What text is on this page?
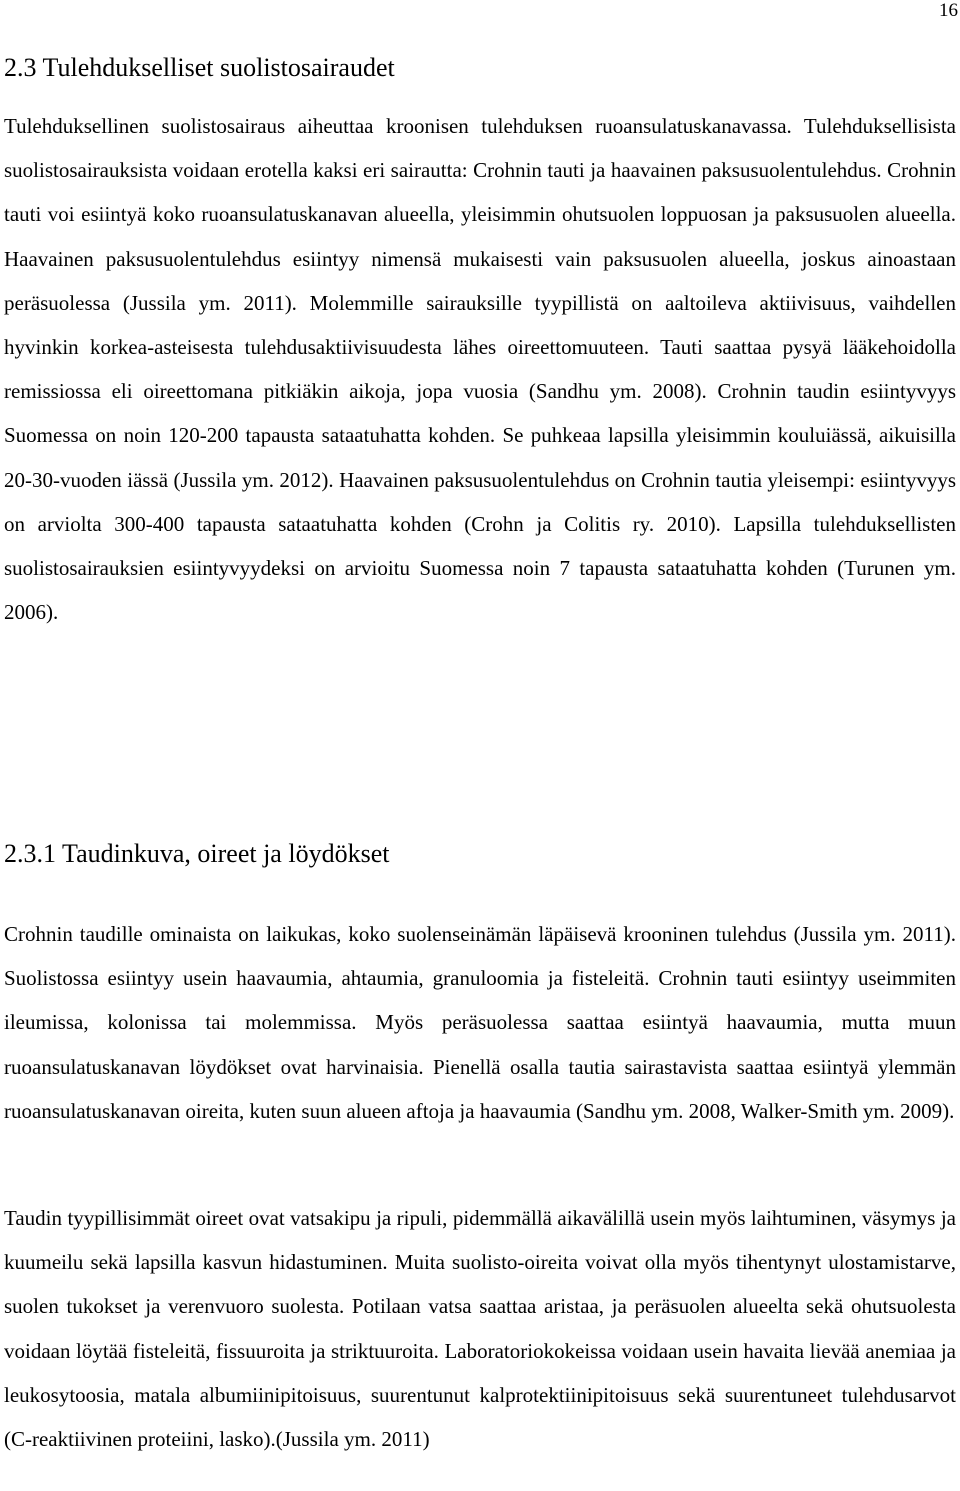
16
2.3 Tulehdukselliset suolistosairaudet

Tulehduksellinen suolistosairaus aiheuttaa kroonisen tulehduksen ruoansulatuskanavassa. Tulehduksellisista suolistosairauksista voidaan erotella kaksi eri sairautta: Crohnin tauti ja haavainen paksusuolentulehdus. Crohnin tauti voi esiintyä koko ruoansulatuskanavan alueella, yleisimmin ohutsuolen loppuosan ja paksusuolen alueella. Haavainen paksusuolentulehdus esiintyy nimensä mukaisesti vain paksusuolen alueella, joskus ainoastaan peräsuolessa (Jussila ym. 2011). Molemmille sairauksille tyypillistä on aaltoileva aktiivisuus, vaihdellen hyvinkin korkea-asteisesta tulehdusaktiivisuudesta lähes oireettomuuteen. Tauti saattaa pysyä lääkehoidolla remissiossa eli oireettomana pitkiäkin aikoja, jopa vuosia (Sandhu ym. 2008). Crohnin taudin esiintyvyys Suomessa on noin 120-200 tapausta sataatuhatta kohden. Se puhkeaa lapsilla yleisimmin kouluiässä, aikuisilla 20-30-vuoden iässä (Jussila ym. 2012). Haavainen paksusuolentulehdus on Crohnin tautia yleisempi: esiintyvyys on arviolta 300-400 tapausta sataatuhatta kohden (Crohn ja Colitis ry. 2010). Lapsilla tulehduksellisten suolistosairauksien esiintyvyydeksi on arvioitu Suomessa noin 7 tapausta sataatuhatta kohden (Turunen ym. 2006).

2.3.1 Taudinkuva, oireet ja löydökset

Crohnin taudille ominaista on laikukas, koko suolenseinämän läpäisevä krooninen tulehdus (Jussila ym. 2011). Suolistossa esiintyy usein haavaumia, ahtaumia, granuloomia ja fisteleitä. Crohnin tauti esiintyy useimmiten ileumissa, kolonissa tai molemmissa. Myös peräsuolessa saattaa esiintyä haavaumia, mutta muun ruoansulatuskanavan löydökset ovat harvinaisia. Pienellä osalla tautia sairastavista saattaa esiintyä ylemmän ruoansulatuskanavan oireita, kuten suun alueen aftoja ja haavaumia (Sandhu ym. 2008, Walker-Smith ym. 2009).

Taudin tyypillisimmät oireet ovat vatsakipu ja ripuli, pidemmällä aikavälillä usein myös laihtuminen, väsymys ja kuumeilu sekä lapsilla kasvun hidastuminen. Muita suolisto-oireita voivat olla myös tihentynyt ulostamistarve, suolen tukokset ja verenvuoro suolesta. Potilaan vatsa saattaa aristaa, ja peräsuolen alueelta sekä ohutsuolesta voidaan löytää fisteleitä, fissuuroita ja striktuuroita. Laboratoriokokeissa voidaan usein havaita lievää anemiaa ja leukosytoosia, matala albumiinipitoisuus, suurentunut kalprotektiinipitoisuus sekä suurentuneet tulehdusarvot (C-reaktiivinen proteiini, lasko).(Jussila ym. 2011)
